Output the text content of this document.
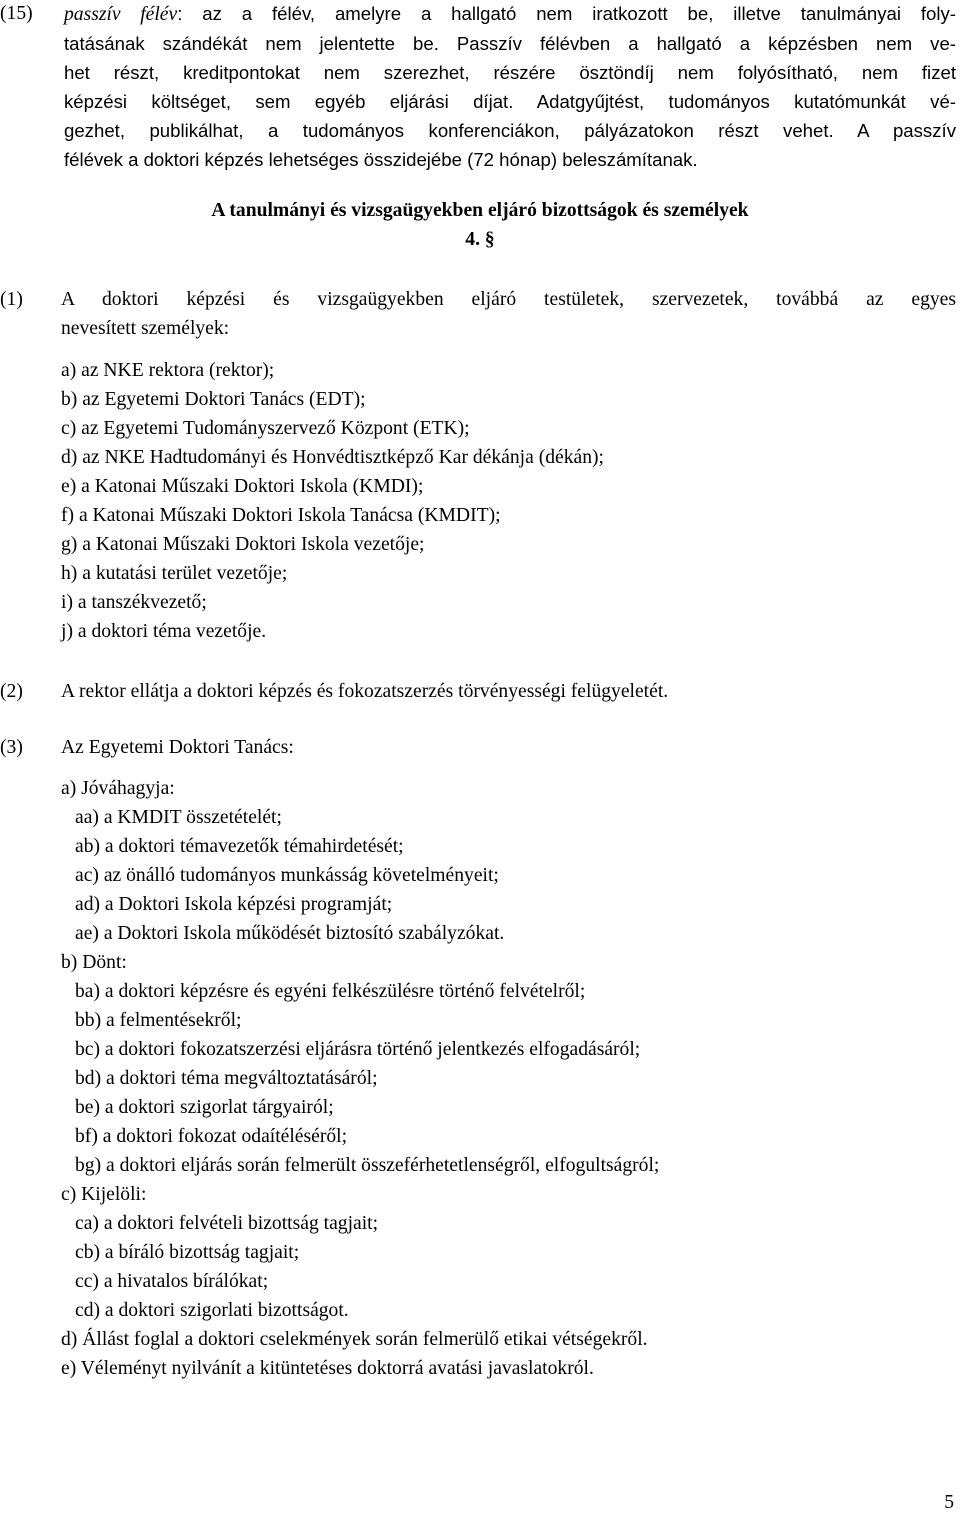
(15) passzív félév: az a félév, amelyre a hallgató nem iratkozott be, illetve tanulmányai foly-
tatásának szándékát nem jelentette be. Passzív félévben a hallgató a képzésben nem ve-
het részt, kreditpontokat nem szerezhet, részére ösztöndíj nem folyósítható, nem fizet
képzési költséget, sem egyéb eljárási díjat. Adatgyűjtést, tudományos kutatómunkát vé-
gezhet, publikálhat, a tudományos konferenciákon, pályázatokon részt vehet. A passzív
félévek a doktori képzés lehetséges összidejébe (72 hónap) beleszámítanak.
A tanulmányi és vizsgaügyekben eljáró bizottságok és személyek
4. §
(1) A doktori képzési és vizsgaügyekben eljáró testületek, szervezetek, továbbá az egyes
nevesített személyek:
a) az NKE rektora (rektor);
b) az Egyetemi Doktori Tanács (EDT);
c) az Egyetemi Tudományszervező Központ (ETK);
d) az NKE Hadtudományi és Honvédtisztképző Kar dékánja (dékán);
e) a Katonai Műszaki Doktori Iskola (KMDI);
f) a Katonai Műszaki Doktori Iskola Tanácsa (KMDIT);
g) a Katonai Műszaki Doktori Iskola vezetője;
h) a kutatási terület vezetője;
i) a tanszékvezető;
j) a doktori téma vezetője.
(2) A rektor ellátja a doktori képzés és fokozatszerzés törvényességi felügyeletét.
(3) Az Egyetemi Doktori Tanács:
a) Jóváhagyja:
aa) a KMDIT összetételét;
ab) a doktori témavezetők témahirdetését;
ac) az önálló tudományos munkásság követelményeit;
ad) a Doktori Iskola képzési programját;
ae) a Doktori Iskola működését biztosító szabályzókat.
b) Dönt:
ba) a doktori képzésre és egyéni felkészülésre történő felvételről;
bb) a felmentésekről;
bc) a doktori fokozatszerzési eljárásra történő jelentkezés elfogadásáról;
bd) a doktori téma megváltoztatásáról;
be) a doktori szigorlat tárgyairól;
bf) a doktori fokozat odaítéléséről;
bg) a doktori eljárás során felmerült összeférhetetlenségről, elfogultságról;
c) Kijelöli:
ca) a doktori felvételi bizottság tagjait;
cb) a bíráló bizottság tagjait;
cc) a hivatalos bírálókat;
cd) a doktori szigorlati bizottságot.
d) Állást foglal a doktori cselekmények során felmerülő etikai vétségekről.
e) Véleményt nyilvánít a kitüntetéses doktorrá avatási javaslatokról.
5
